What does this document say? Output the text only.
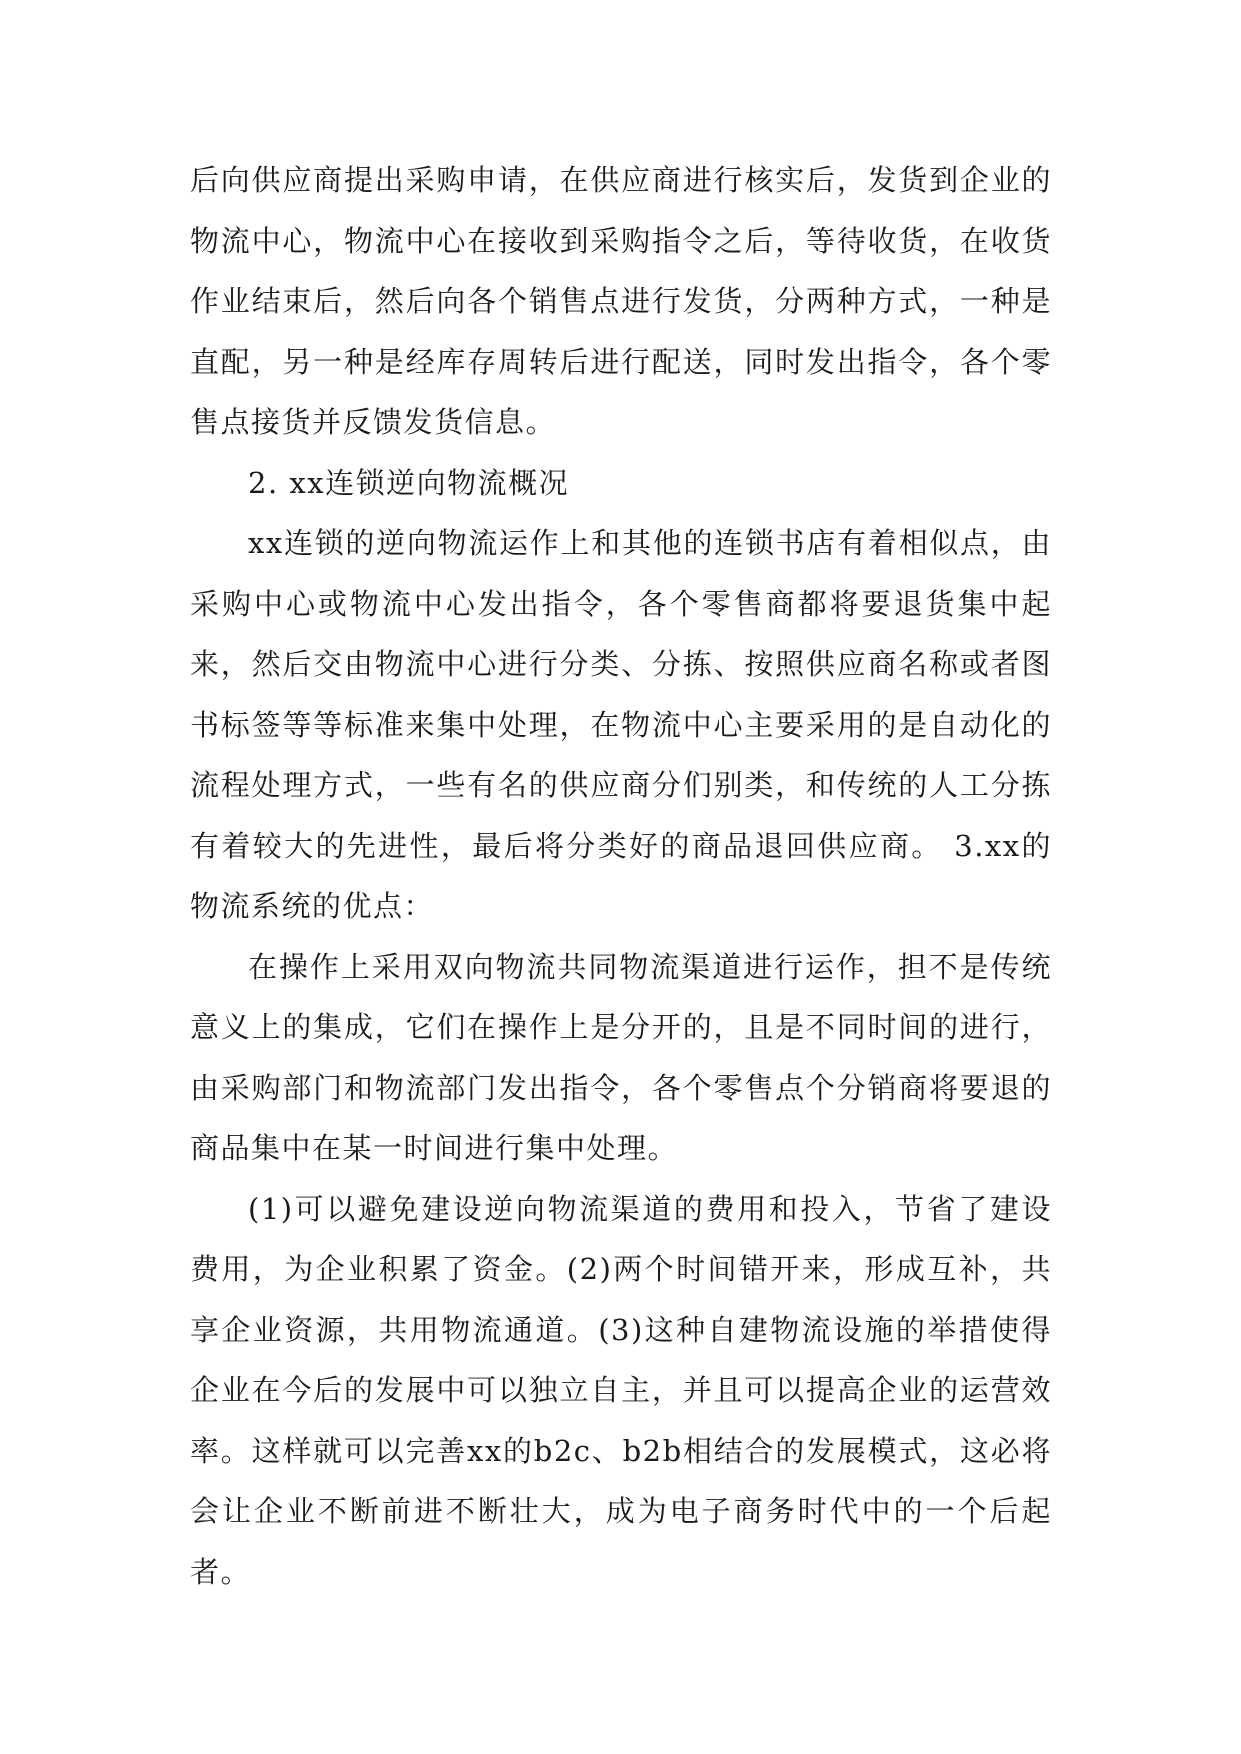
后向供应商提出采购申请，在供应商进行核实后，发货到企业的物流中心，物流中心在接收到采购指令之后，等待收货，在收货作业结束后，然后向各个销售点进行发货，分两种方式，一种是直配，另一种是经库存周转后进行配送，同时发出指令，各个零售点接货并反馈发货信息。

2. xx连锁逆向物流概况

xx连锁的逆向物流运作上和其他的连锁书店有着相似点，由采购中心或物流中心发出指令，各个零售商都将要退货集中起来，然后交由物流中心进行分类、分拣、按照供应商名称或者图书标签等等标准来集中处理，在物流中心主要采用的是自动化的流程处理方式，一些有名的供应商分们别类，和传统的人工分拣有着较大的先进性，最后将分类好的商品退回供应商。 3.xx的物流系统的优点：

在操作上采用双向物流共同物流渠道进行运作，担不是传统意义上的集成，它们在操作上是分开的，且是不同时间的进行，由采购部门和物流部门发出指令，各个零售点个分销商将要退的商品集中在某一时间进行集中处理。

(1)可以避免建设逆向物流渠道的费用和投入，节省了建设费用，为企业积累了资金。(2)两个时间错开来，形成互补，共享企业资源，共用物流通道。(3)这种自建物流设施的举措使得企业在今后的发展中可以独立自主，并且可以提高企业的运营效率。这样就可以完善xx的b2c、b2b相结合的发展模式，这必将会让企业不断前进不断壮大，成为电子商务时代中的一个后起者。
